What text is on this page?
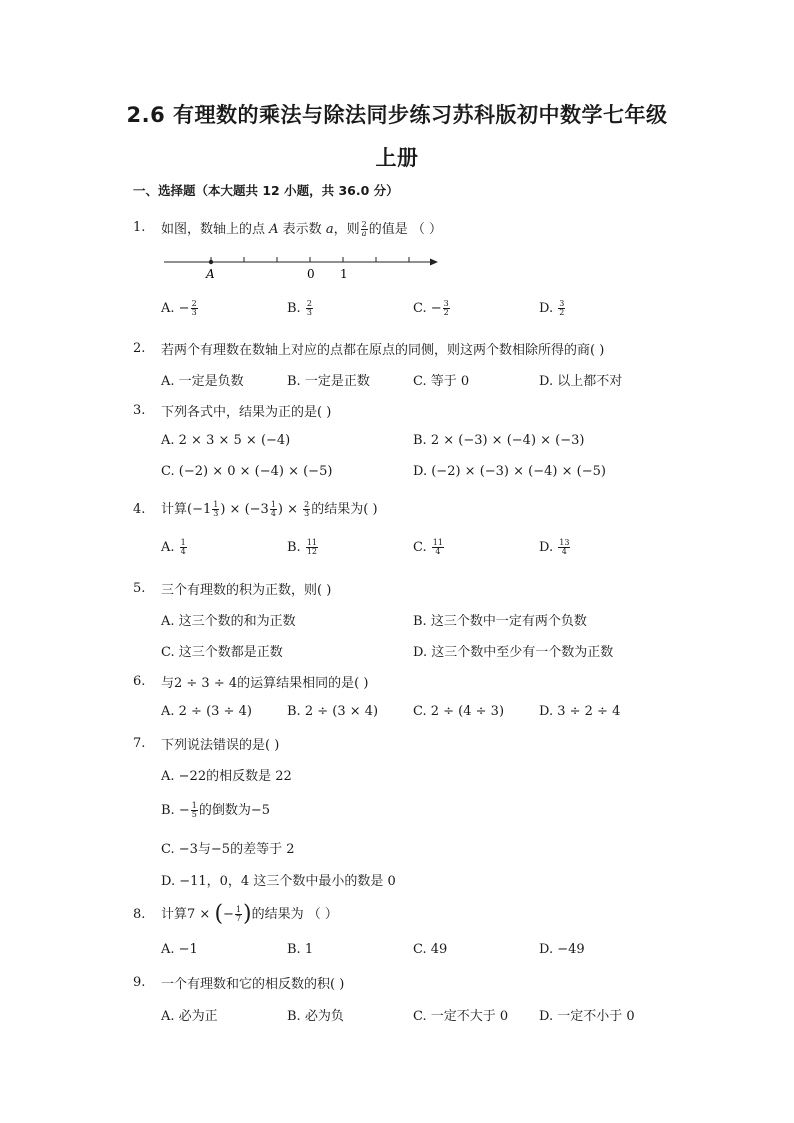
2.6 有理数的乘法与除法同步练习苏科版初中数学七年级
上册
一、选择题（本大题共 12 小题，共 36.0 分）
1. 如图，数轴上的点 A 表示数 a，则 $\frac{2}{a}$ 的值是 （ ）
A	0 1
A. − $\frac{2}{3}$	B. $\frac{2}{3}$	C. − $\frac{3}{2}$	D. $\frac{3}{2}$
2. 若两个有理数在数轴上对应的点都在原点的同侧，则这两个数相除所得的商( )
A. 一定是负数	B. 一定是正数	C. 等于 0	D. 以上都不对
3. 下列各式中，结果为正的是( )
A. 2 × 3 × 5 × (−4)	B. 2 × (−3) × (−4) × (−3)
C. (−2) × 0 × (−4) × (−5)	D. (−2) × (−3) × (−4) × (−5)
4. 计算($-1 \frac{1}{3}$ ) × ($-3 \frac{1}{4}$ ) × $\frac{2}{3}$ 的结果为( )
A. $\frac{1}{4}$	B. $\frac{11}{12}$	C. $\frac{11}{4}$	D. $\frac{13}{4}$
5. 三个有理数的积为正数，则( )
A. 这三个数的和为正数	B. 这三个数中一定有两个负数
C. 这三个数都是正数	D. 这三个数中至少有一个数为正数
6. 与2 ÷ 3 ÷ 4的运算结果相同的是( )
A. 2 ÷ (3 ÷ 4)	B. 2 ÷ (3 × 4)	C. 2 ÷ (4 ÷ 3)	D. 3 ÷ 2 ÷ 4
7. 下列说法错误的是( )
A. −22的相反数是 22
B. − $\frac{1}{5}$ 的倒数为−5
C. −3与−5的差等于 2
D. −11，0，4 这三个数中最小的数是 0
8. 计算7 × (− $\frac{1}{7}$ )的结果为 （ ）
A. −1	B. 1	C. 49	D. −49
9. 一个有理数和它的相反数的积( )
A. 必为正	B. 必为负	C. 一定不大于 0 D. 一定不小于 0
